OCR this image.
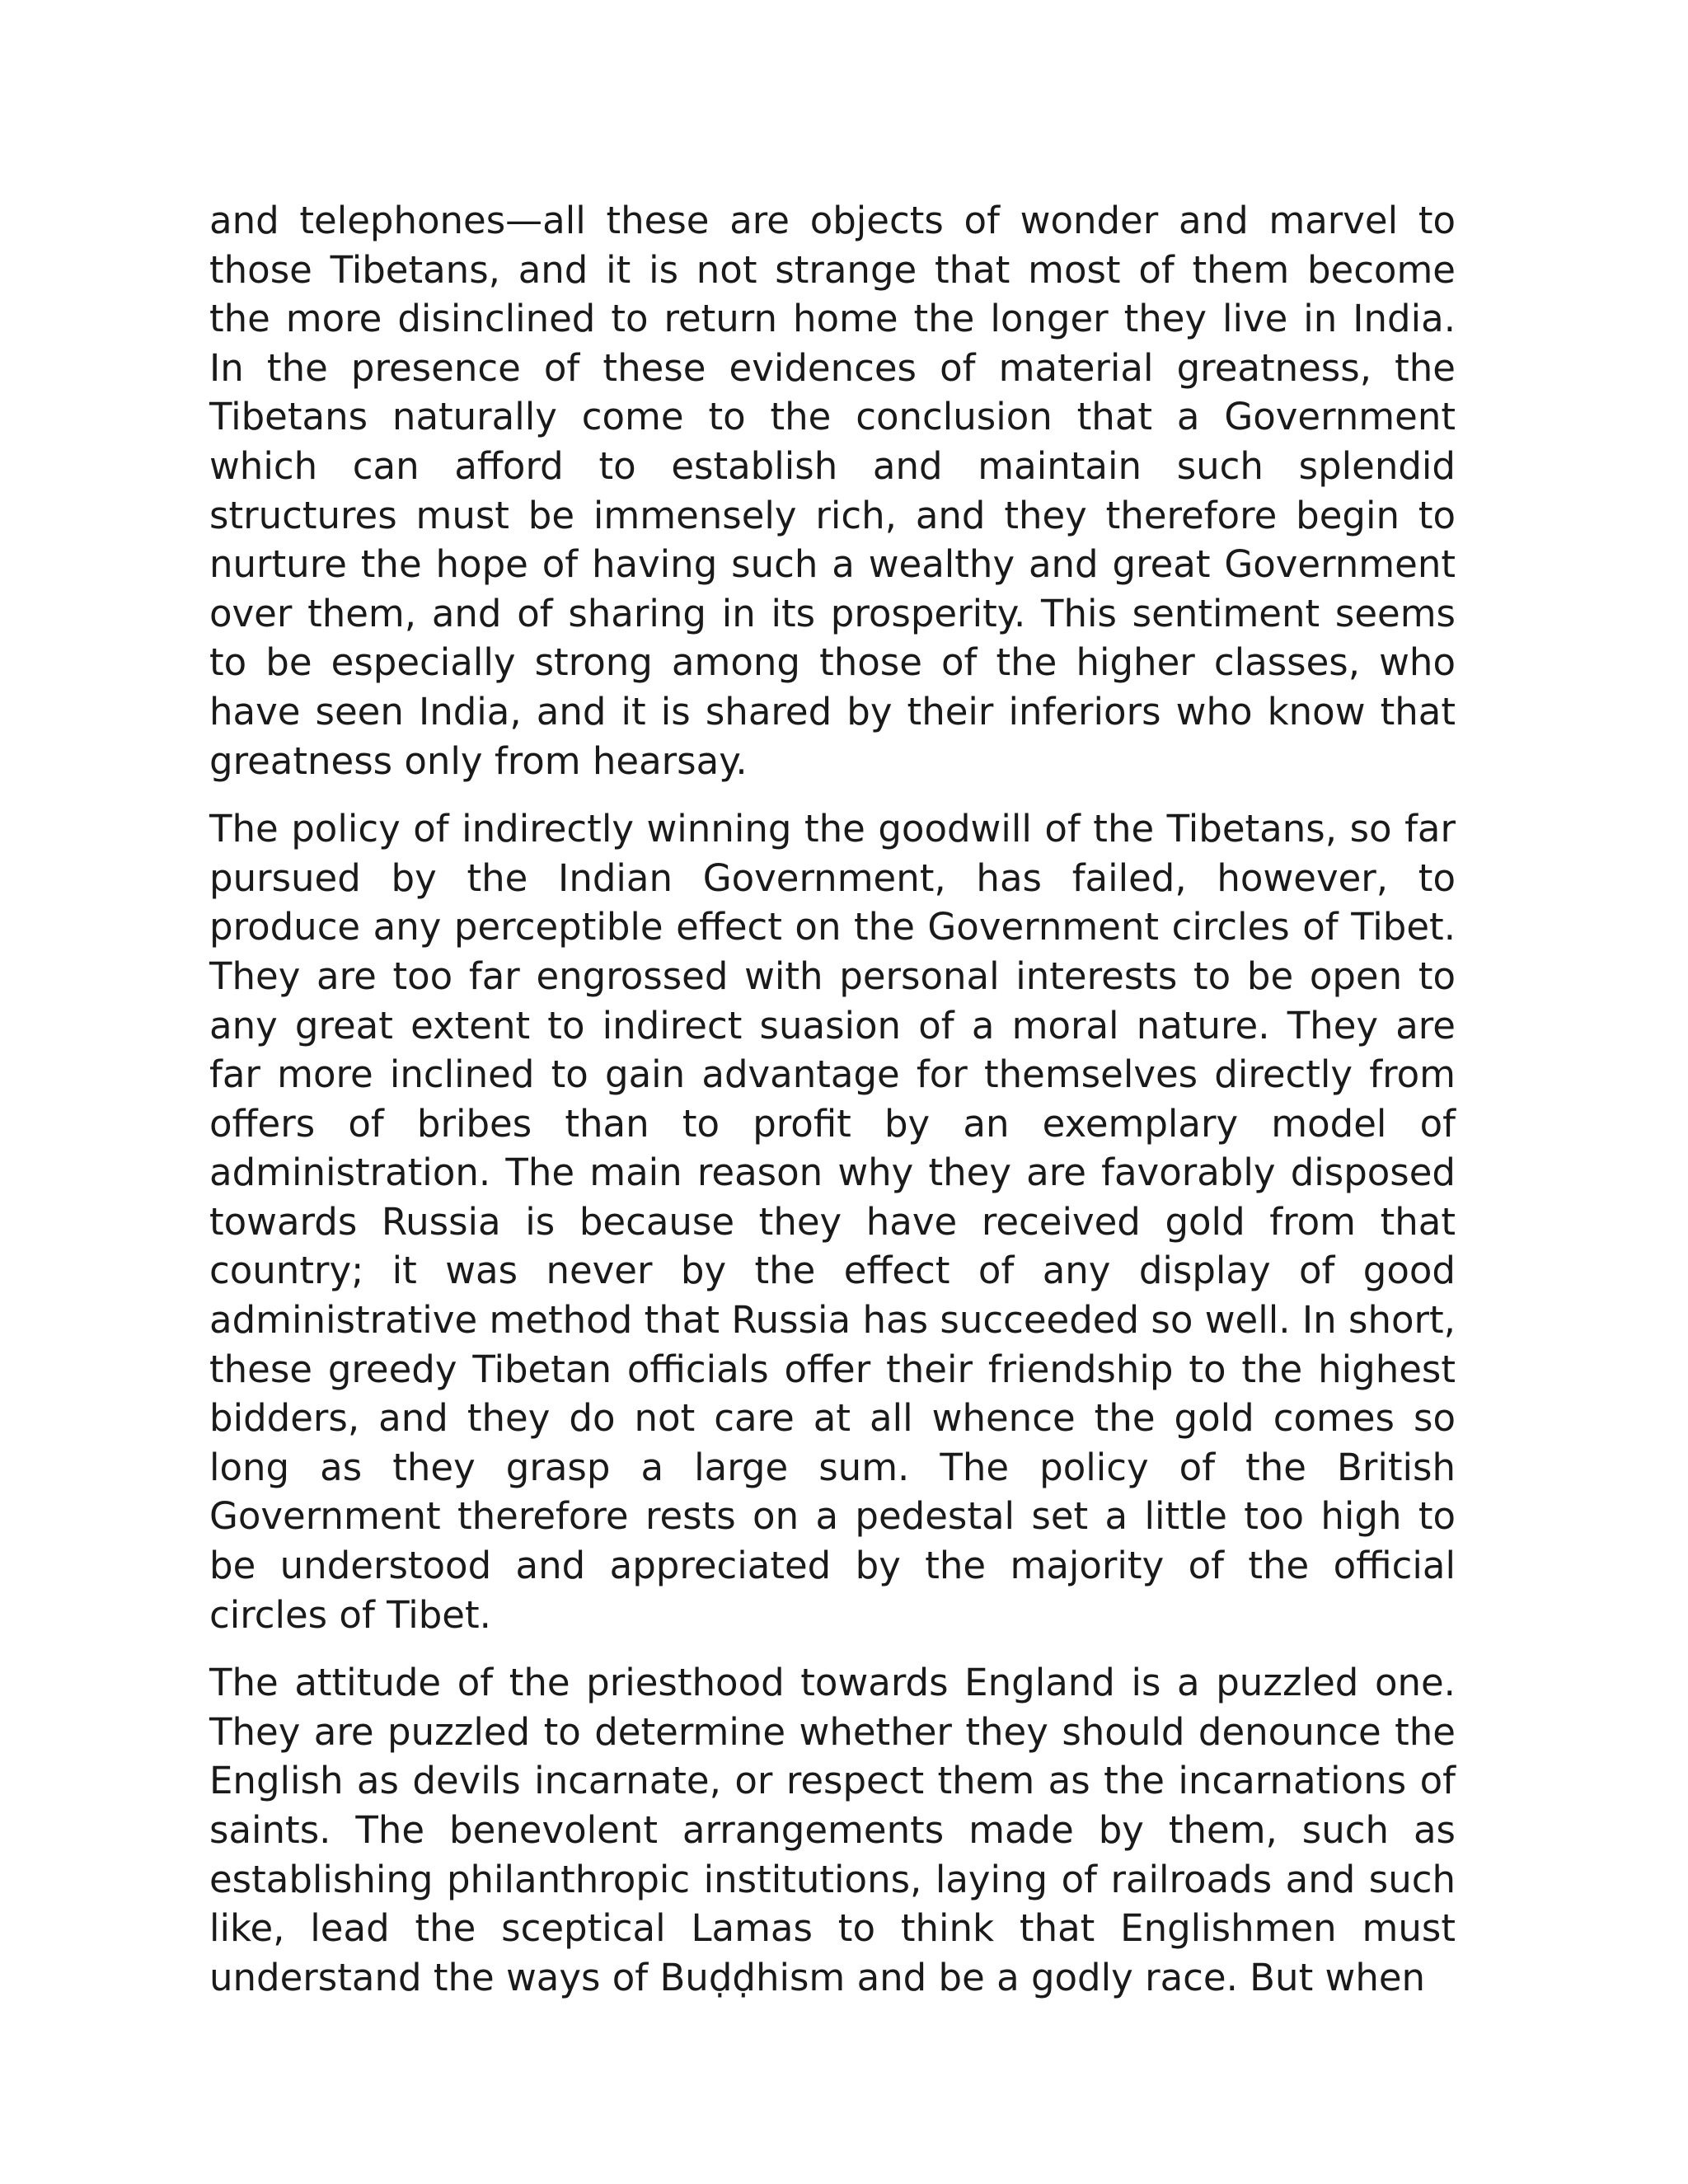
and telephones—all these are objects of wonder and marvel to those Tibetans, and it is not strange that most of them become the more disinclined to return home the longer they live in India. In the presence of these evidences of material greatness, the Tibetans naturally come to the conclusion that a Government which can afford to establish and maintain such splendid structures must be immensely rich, and they therefore begin to nurture the hope of having such a wealthy and great Government over them, and of sharing in its prosperity. This sentiment seems to be especially strong among those of the higher classes, who have seen India, and it is shared by their inferiors who know that greatness only from hearsay.

The policy of indirectly winning the goodwill of the Tibetans, so far pursued by the Indian Government, has failed, however, to produce any perceptible effect on the Government circles of Tibet. They are too far engrossed with personal interests to be open to any great extent to indirect suasion of a moral nature. They are far more inclined to gain advantage for themselves directly from offers of bribes than to profit by an exemplary model of administration. The main reason why they are favorably disposed towards Russia is because they have received gold from that country; it was never by the effect of any display of good administrative method that Russia has succeeded so well. In short, these greedy Tibetan officials offer their friendship to the highest bidders, and they do not care at all whence the gold comes so long as they grasp a large sum. The policy of the British Government therefore rests on a pedestal set a little too high to be understood and appreciated by the majority of the official circles of Tibet.

The attitude of the priesthood towards England is a puzzled one. They are puzzled to determine whether they should denounce the English as devils incarnate, or respect them as the incarnations of saints. The benevolent arrangements made by them, such as establishing philanthropic institutions, laying of railroads and such like, lead the sceptical Lamas to think that Englishmen must understand the ways of Buḍḍhism and be a godly race. But when
